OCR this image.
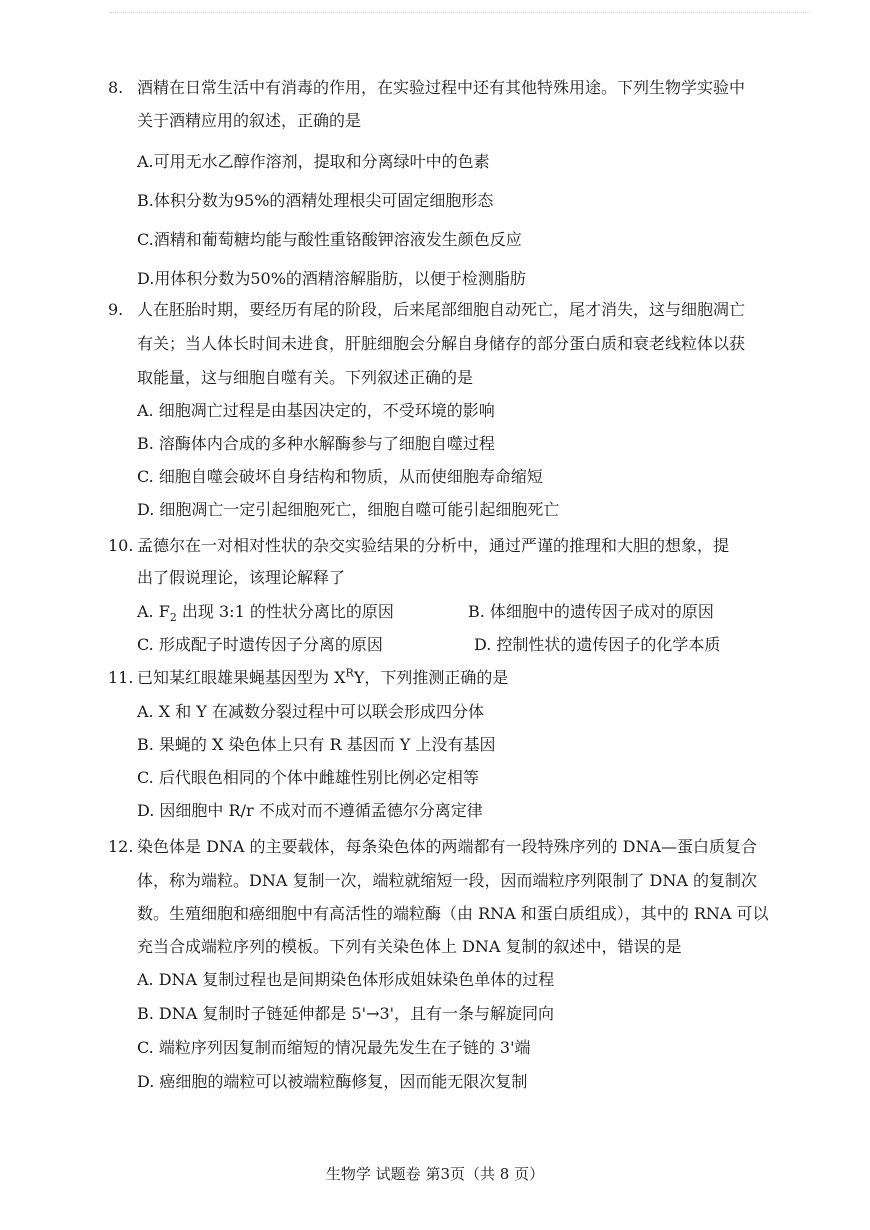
8. 酒精在日常生活中有消毒的作用，在实验过程中还有其他特殊用途。下列生物学实验中
关于酒精应用的叙述，正确的是
A.可用无水乙醇作溶剂，提取和分离绿叶中的色素
B.体积分数为95%的酒精处理根尖可固定细胞形态
C.酒精和葡萄糖均能与酸性重铬酸钾溶液发生颜色反应
D.用体积分数为50%的酒精溶解脂肪，以便于检测脂肪
9. 人在胚胎时期，要经历有尾的阶段，后来尾部细胞自动死亡，尾才消失，这与细胞凋亡
有关；当人体长时间未进食，肝脏细胞会分解自身储存的部分蛋白质和衰老线粒体以获
取能量，这与细胞自噬有关。下列叙述正确的是
A. 细胞凋亡过程是由基因决定的，不受环境的影响
B. 溶酶体内合成的多种水解酶参与了细胞自噬过程
C. 细胞自噬会破坏自身结构和物质，从而使细胞寿命缩短
D. 细胞凋亡一定引起细胞死亡，细胞自噬可能引起细胞死亡
10. 孟德尔在一对相对性状的杂交实验结果的分析中，通过严谨的推理和大胆的想象，提
出了假说理论，该理论解释了
A. $F_2$ 出现 3:1 的性状分离比的原因	B. 体细胞中的遗传因子成对的原因
C. 形成配子时遗传因子分离的原因	D. 控制性状的遗传因子的化学本质
11. 已知某红眼雄果蝇基因型为 $X^RY$，下列推测正确的是
A. X 和 Y 在减数分裂过程中可以联会形成四分体
B. 果蝇的 X 染色体上只有 R 基因而 Y 上没有基因
C. 后代眼色相同的个体中雌雄性别比例必定相等
D. 因细胞中 R/r 不成对而不遵循孟德尔分离定律
12. 染色体是 DNA 的主要载体，每条染色体的两端都有一段特殊序列的 DNA—蛋白质复合
体，称为端粒。DNA 复制一次，端粒就缩短一段，因而端粒序列限制了 DNA 的复制次
数。生殖细胞和癌细胞中有高活性的端粒酶（由 RNA 和蛋白质组成），其中的 RNA 可以
充当合成端粒序列的模板。下列有关染色体上 DNA 复制的叙述中，错误的是
A. DNA 复制过程也是间期染色体形成姐妹染色单体的过程
B. DNA 复制时子链延伸都是 5'→3'，且有一条与解旋同向
C. 端粒序列因复制而缩短的情况最先发生在子链的 3'端
D. 癌细胞的端粒可以被端粒酶修复，因而能无限次复制
生物学 试题卷 第3页（共 8 页）
